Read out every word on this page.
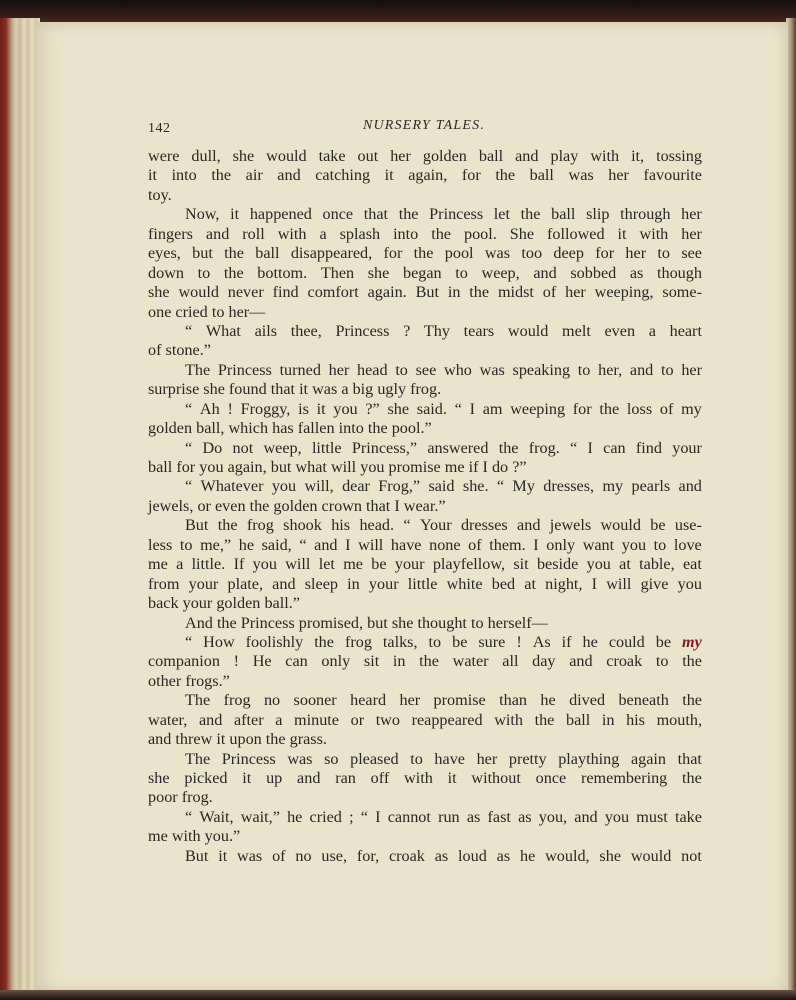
142	NURSERY TALES.
were dull, she would take out her golden ball and play with it, tossing
it into the air and catching it again, for the ball was her favourite
toy.
Now, it happened once that the Princess let the ball slip through her
fingers and roll with a splash into the pool. She followed it with her
eyes, but the ball disappeared, for the pool was too deep for her to see
down to the bottom. Then she began to weep, and sobbed as though
she would never find comfort again. But in the midst of her weeping, some-
one
cried
to
her—
“ What ails thee, Princess ? Thy tears would melt even a heart
of
stone.”
The Princess turned her head to see who was speaking to her, and to her
surprise
she
found
that
it
was
a
big
ugly
frog.
“ Ah ! Froggy, is it you ?” she said. “ I am weeping for the loss of my
golden
ball,
which
has
fallen
into
the
pool.”
“ Do not weep, little Princess,” answered the frog. “ I can find your
ball
for
you
again,
but
what
will
you
promise
me
if
I
do
?”
“ Whatever you will, dear Frog,” said she. “ My dresses, my pearls and
jewels,
or
even
the
golden
crown
that
I
wear.”
But the frog shook his head. “ Your dresses and jewels would be use-
less to me,” he said, “ and I will have none of them. I only want you to love
me a little. If you will let me be your playfellow, sit beside you at table, eat
from your plate, and sleep in your little white bed at night, I will give you
back
your
golden
ball.”
And
the
Princess
promised,
but
she
thought
to
herself—
“ How foolishly the frog talks, to be sure ! As if he could be my
companion ! He can only sit in the water all day and croak to the
other
frogs.”
The frog no sooner heard her promise than he dived beneath the
water, and after a minute or two reappeared with the ball in his mouth,
and
threw
it
upon
the
grass.
The Princess was so pleased to have her pretty plaything again that
she picked it up and ran off with it without once remembering the
poor
frog.
“ Wait, wait,” he cried ; “ I cannot run as fast as you, and you must take
me
with
you.”
But it was of no use, for, croak as loud as he would, she would not
